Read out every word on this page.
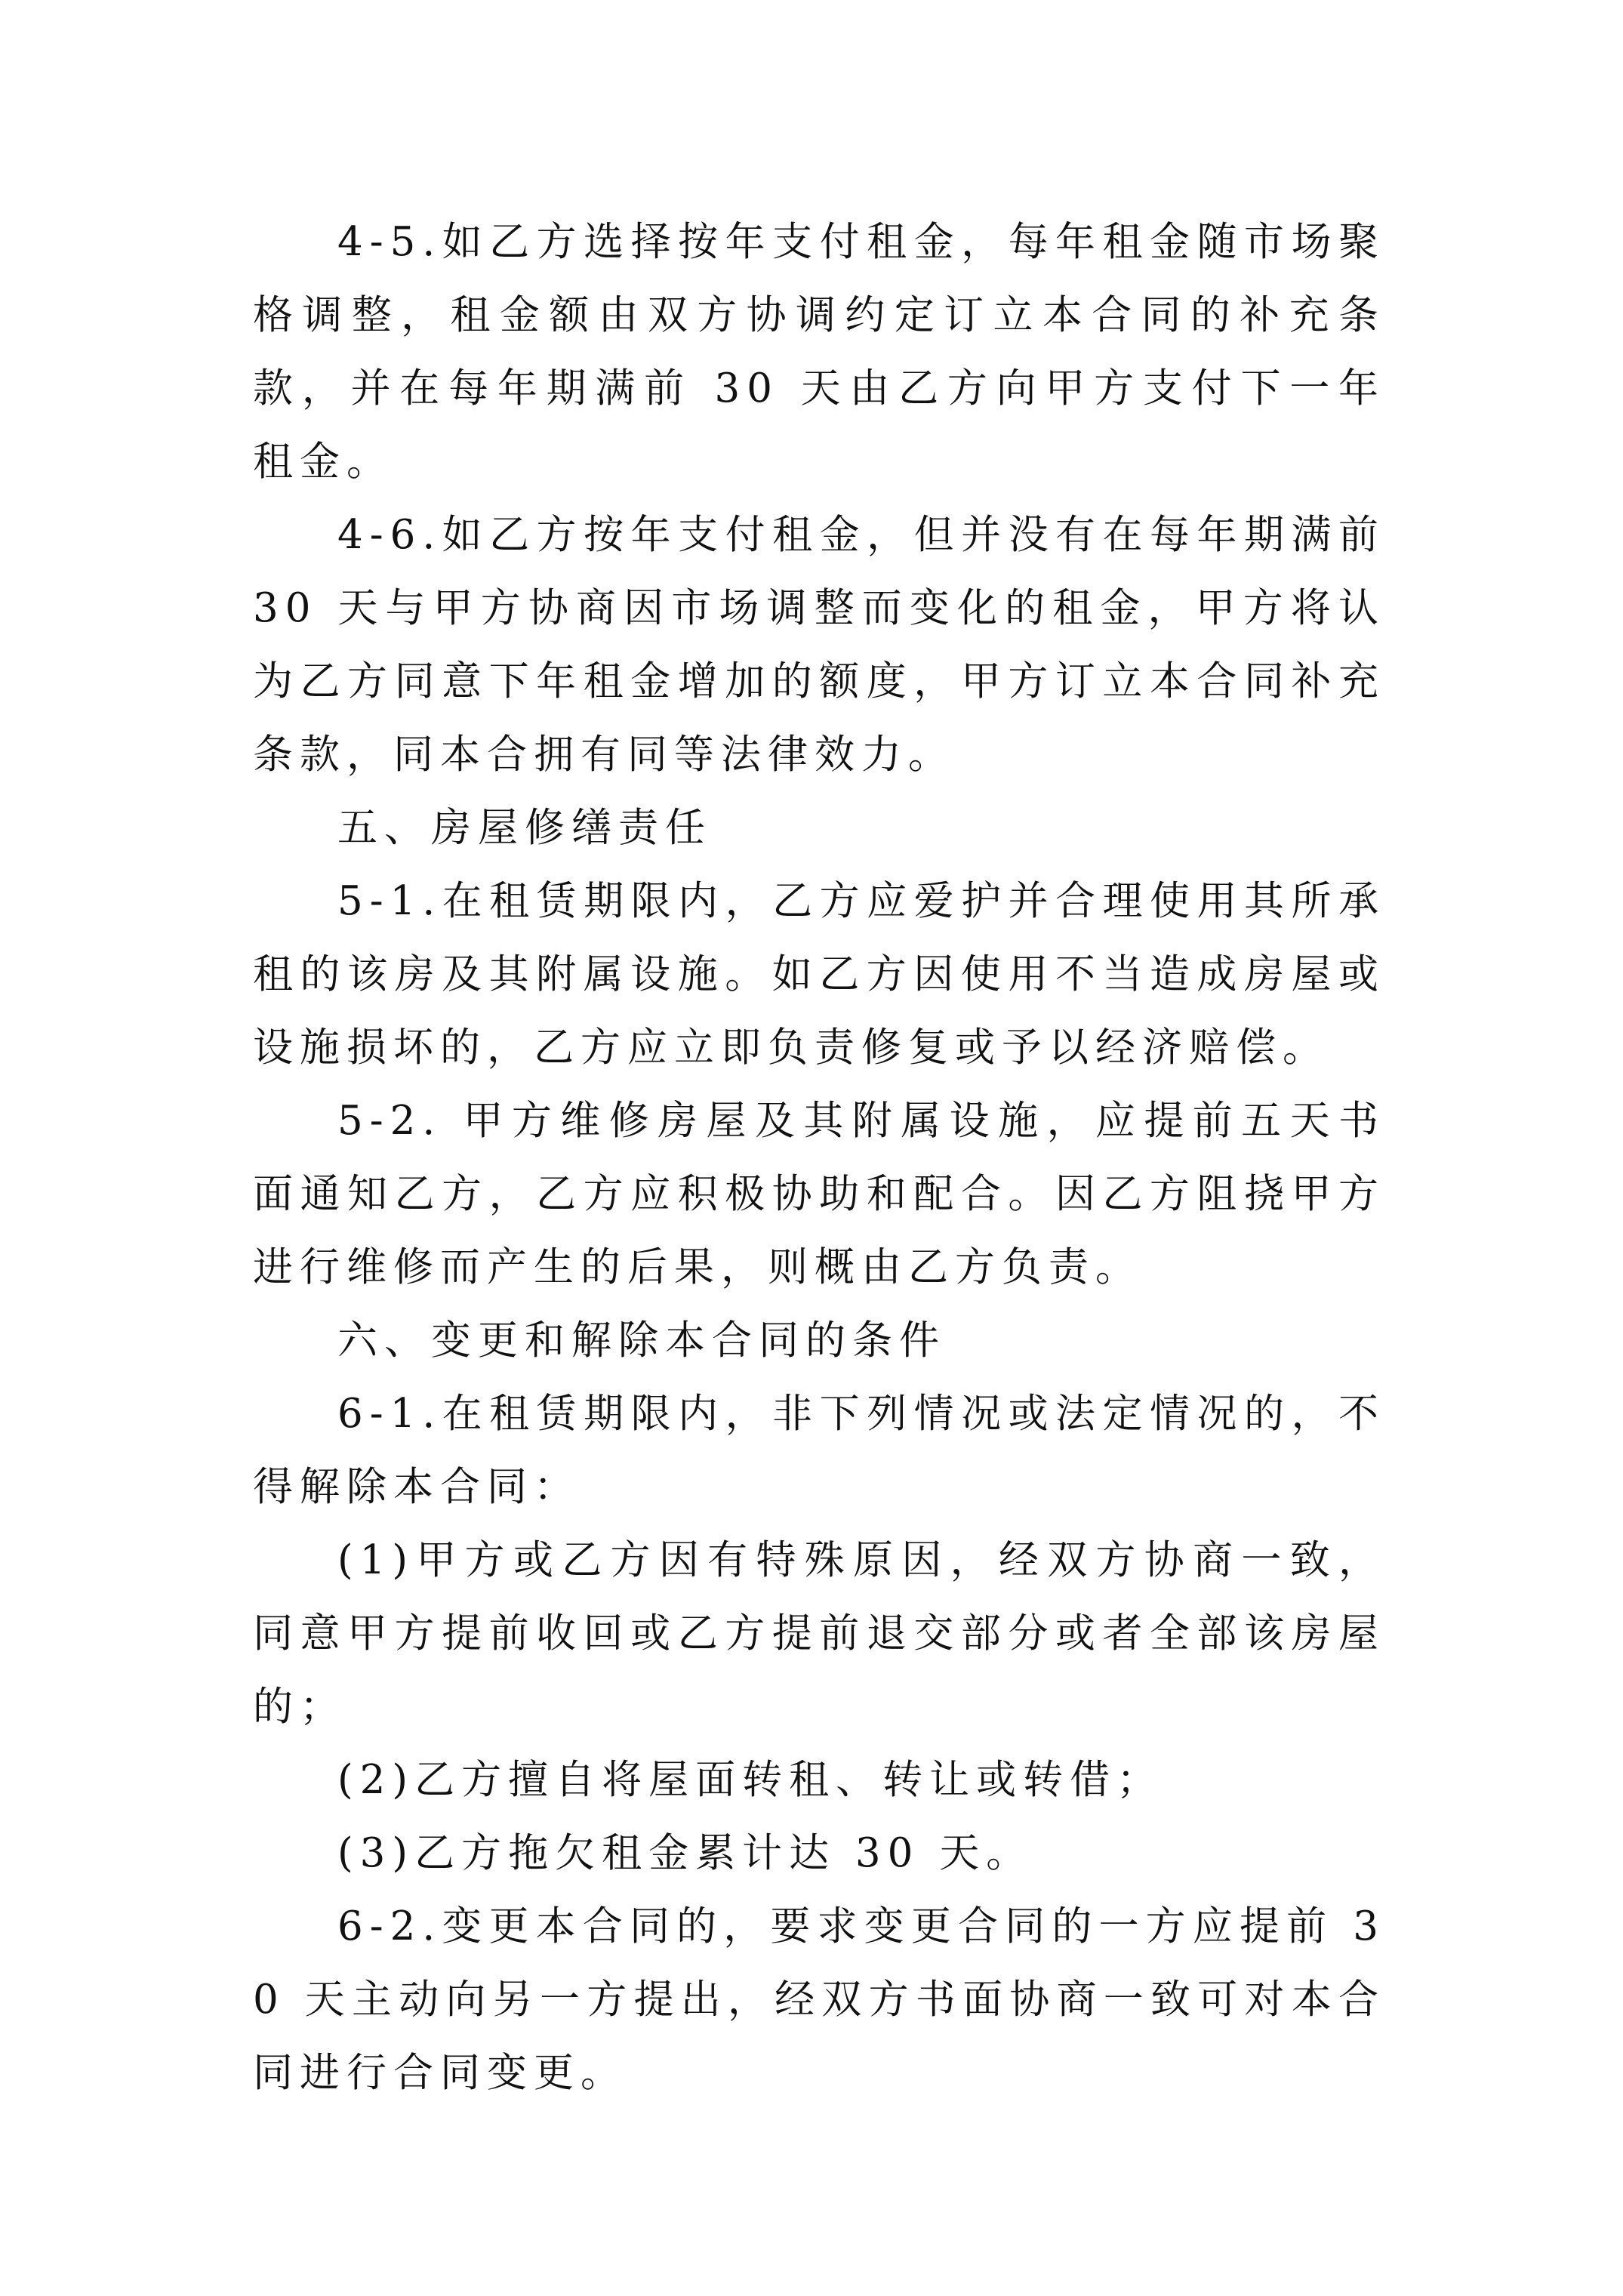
4-5.如乙方选择按年支付租金，每年租金随市场聚格调整，租金额由双方协调约定订立本合同的补充条款，并在每年期满前 30 天由乙方向甲方支付下一年租金。

4-6.如乙方按年支付租金，但并没有在每年期满前 30 天与甲方协商因市场调整而变化的租金，甲方将认为乙方同意下年租金增加的额度，甲方订立本合同补充条款，同本合拥有同等法律效力。

五、房屋修缮责任

5-1.在租赁期限内，乙方应爱护并合理使用其所承租的该房及其附属设施。如乙方因使用不当造成房屋或设施损坏的，乙方应立即负责修复或予以经济赔偿。

5-2. 甲方维修房屋及其附属设施，应提前五天书面通知乙方，乙方应积极协助和配合。因乙方阻挠甲方进行维修而产生的后果，则概由乙方负责。

六、变更和解除本合同的条件

6-1.在租赁期限内，非下列情况或法定情况的，不得解除本合同：

(1)甲方或乙方因有特殊原因，经双方协商一致，同意甲方提前收回或乙方提前退交部分或者全部该房屋的；

(2)乙方擅自将屋面转租、转让或转借；

(3)乙方拖欠租金累计达 30 天。

6-2.变更本合同的，要求变更合同的一方应提前 30 天主动向另一方提出，经双方书面协商一致可对本合同进行合同变更。
